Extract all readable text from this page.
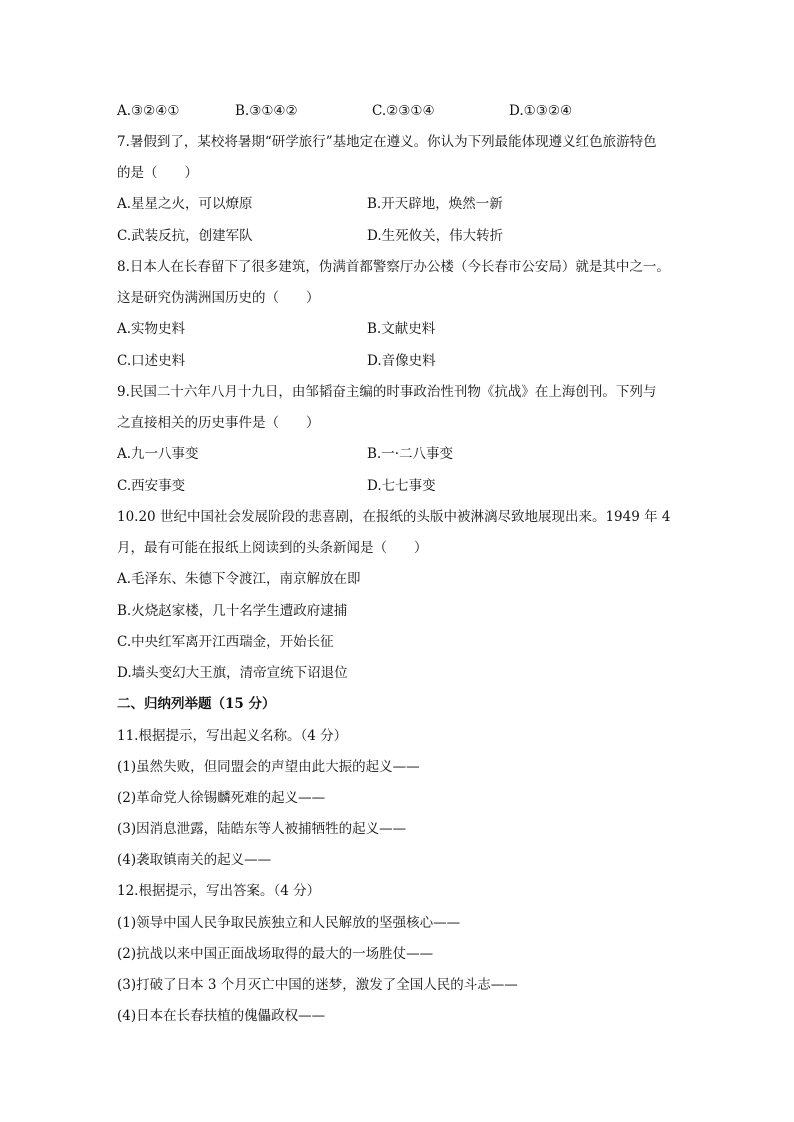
A.③②④①	B.③①④②	C.②③①④	D.①③②④
7.暑假到了，某校将暑期“研学旅行”基地定在遵义。你认为下列最能体现遵义红色旅游特色
的是（　　）
A.星星之火，可以燎原	B.开天辟地，焕然一新
C.武装反抗，创建军队	D.生死攸关，伟大转折
8.日本人在长春留下了很多建筑，伪满首都警察厅办公楼（今长春市公安局）就是其中之一。
这是研究伪满洲国历史的（　　）
A.实物史料	B.文献史料
C.口述史料	D.音像史料
9.民国二十六年八月十九日，由邹韬奋主编的时事政治性刊物《抗战》在上海创刊。下列与
之直接相关的历史事件是（　　）
A.九一八事变	B.一·二八事变
C.西安事变	D.七七事变
10.20 世纪中国社会发展阶段的悲喜剧，在报纸的头版中被淋漓尽致地展现出来。1949 年 4
月，最有可能在报纸上阅读到的头条新闻是（　　）
A.毛泽东、朱德下令渡江，南京解放在即
B.火烧赵家楼，几十名学生遭政府逮捕
C.中央红军离开江西瑞金，开始长征
D.墙头变幻大王旗，清帝宣统下诏退位
二、归纳列举题（15 分）
11.根据提示，写出起义名称。（4 分）
(1)虽然失败，但同盟会的声望由此大振的起义——
(2)革命党人徐锡麟死难的起义——
(3)因消息泄露，陆皓东等人被捕牺牲的起义——
(4)袭取镇南关的起义——
12.根据提示，写出答案。（4 分）
(1)领导中国人民争取民族独立和人民解放的坚强核心——
(2)抗战以来中国正面战场取得的最大的一场胜仗——
(3)打破了日本 3 个月灭亡中国的迷梦，激发了全国人民的斗志——
(4)日本在长春扶植的傀儡政权——
